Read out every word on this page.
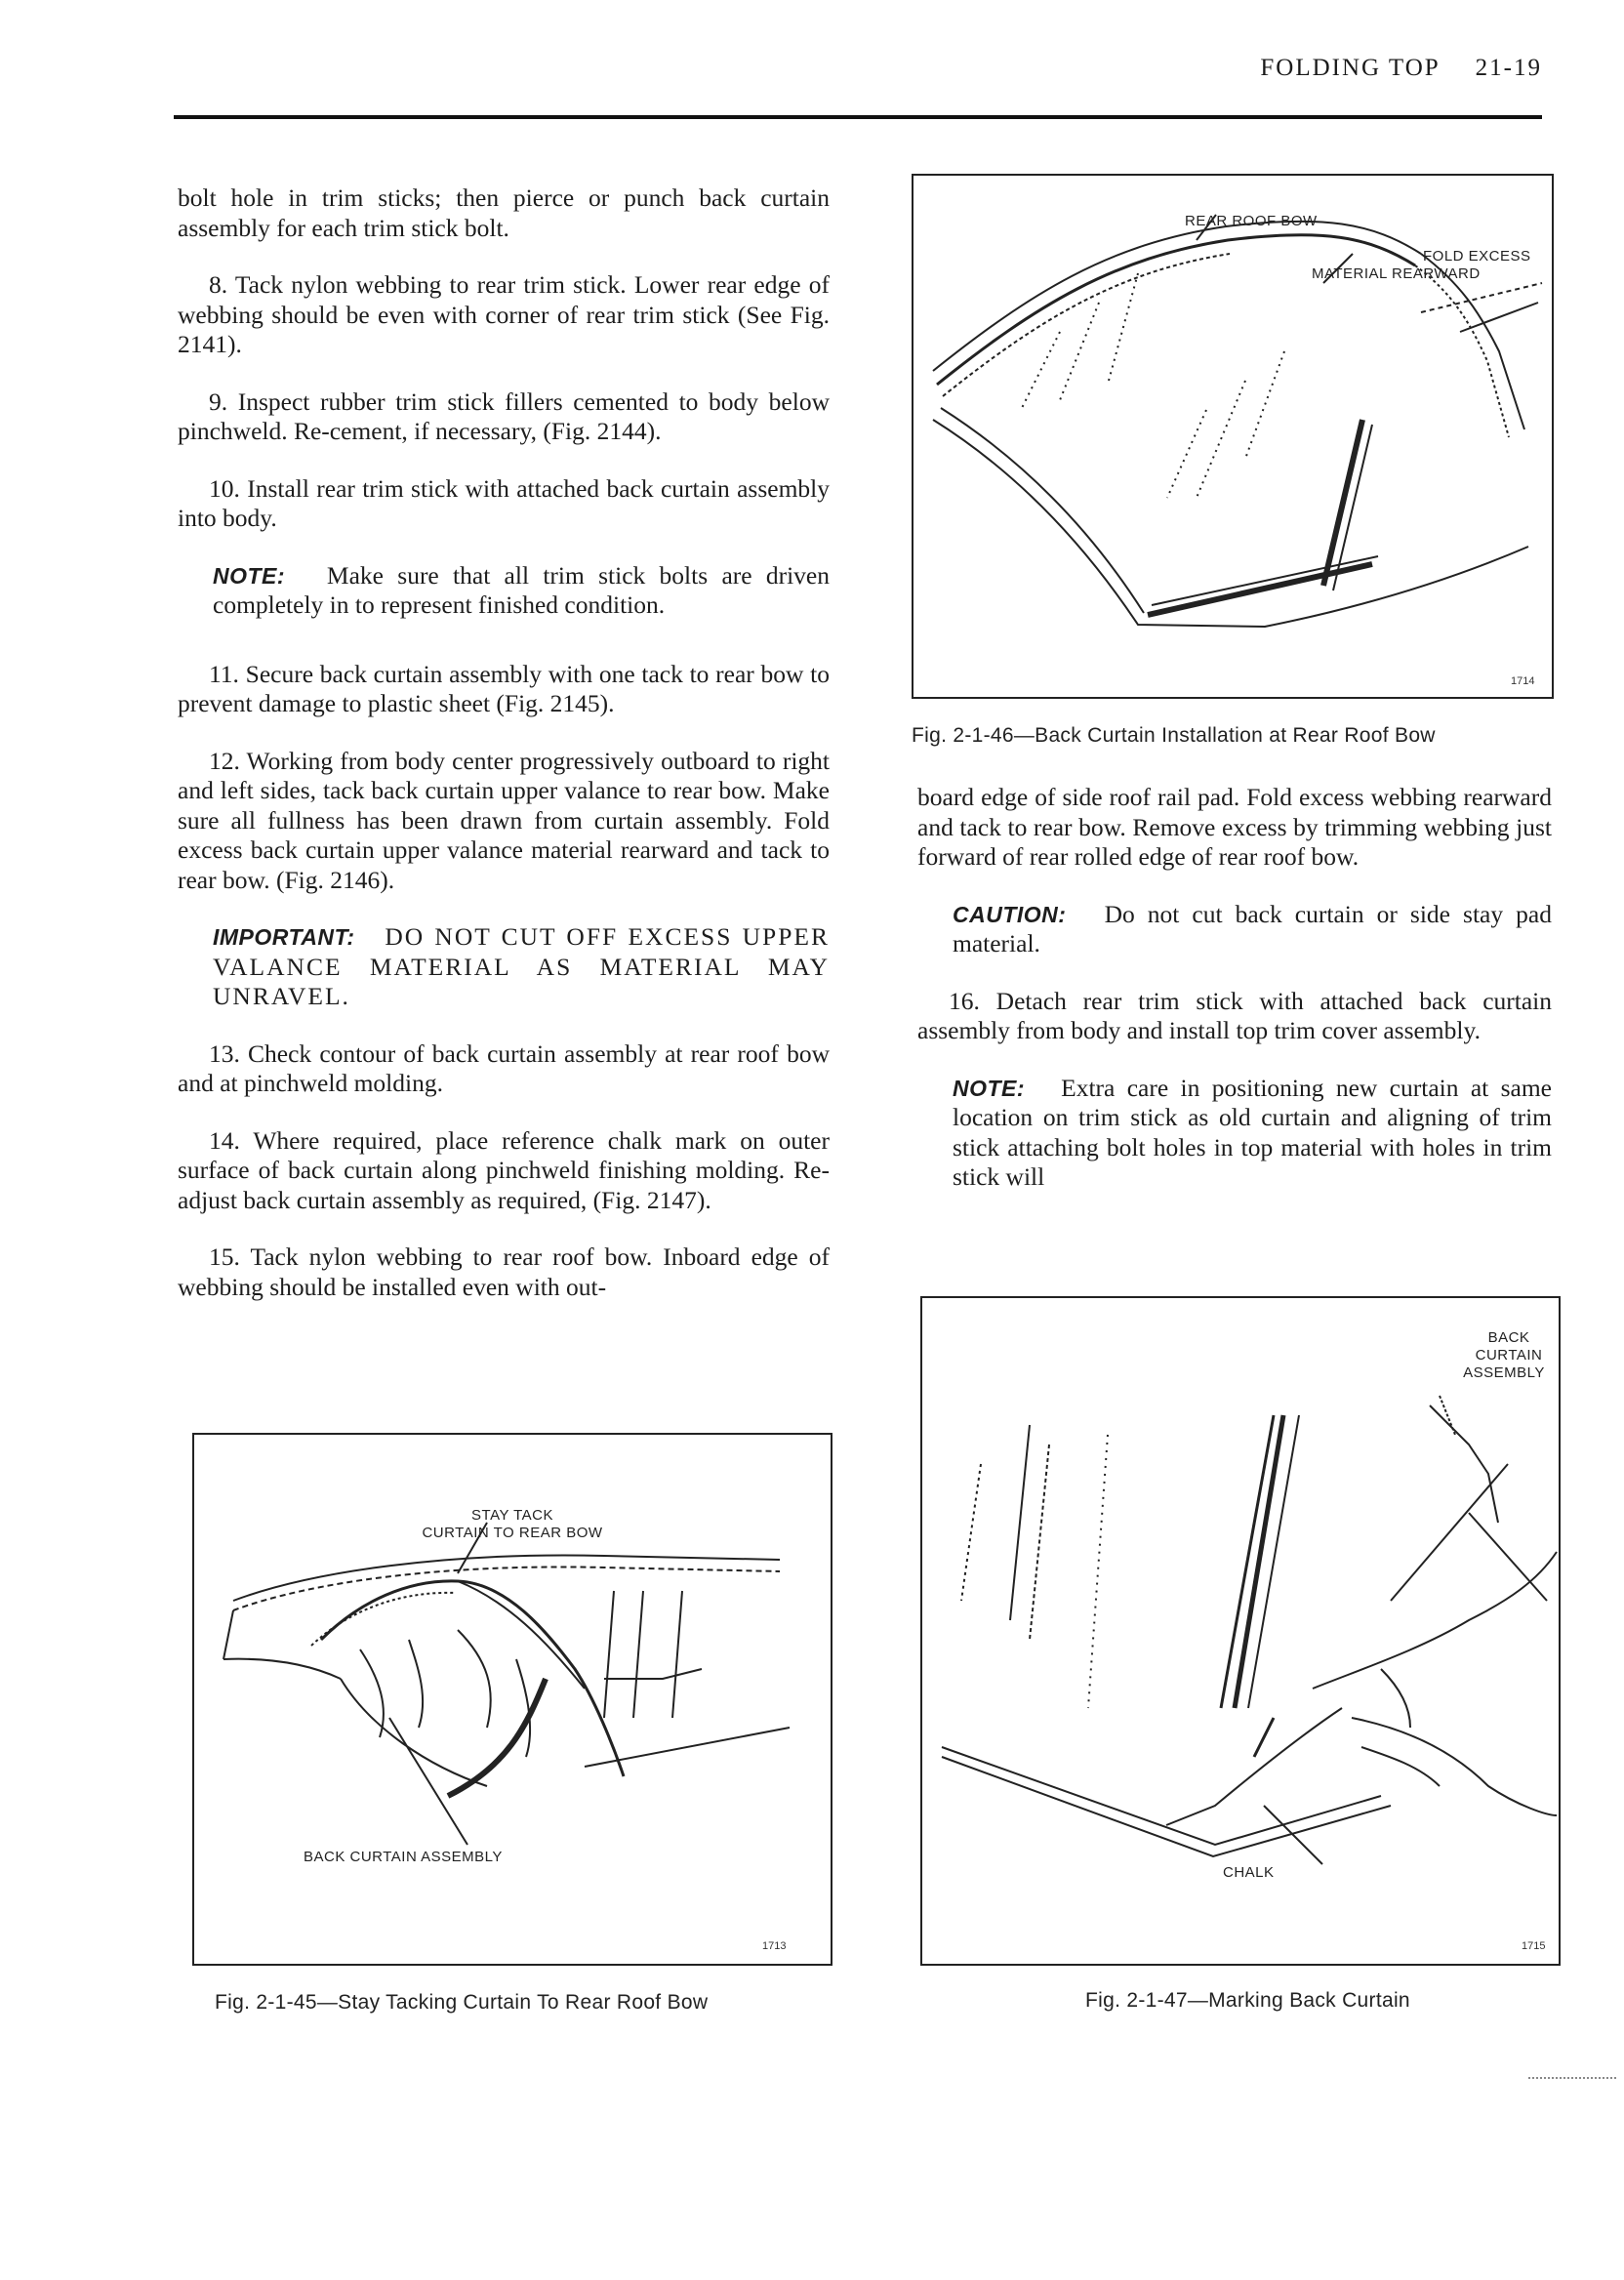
FOLDING TOP 21-19

bolt hole in trim sticks; then pierce or punch back curtain assembly for each trim stick bolt.

8. Tack nylon webbing to rear trim stick. Lower rear edge of webbing should be even with corner of rear trim stick (See Fig. 2141).

9. Inspect rubber trim stick fillers cemented to body below pinchweld. Re-cement, if necessary, (Fig. 2144).

10. Install rear trim stick with attached back curtain assembly into body.

NOTE: Make sure that all trim stick bolts are driven completely in to represent finished condition.

11. Secure back curtain assembly with one tack to rear bow to prevent damage to plastic sheet (Fig. 2145).

12. Working from body center progressively outboard to right and left sides, tack back curtain upper valance to rear bow. Make sure all fullness has been drawn from curtain assembly. Fold excess back curtain upper valance material rearward and tack to rear bow. (Fig. 2146).

IMPORTANT: DO NOT CUT OFF EXCESS UPPER VALANCE MATERIAL AS MATERIAL MAY UNRAVEL.

13. Check contour of back curtain assembly at rear roof bow and at pinchweld molding.

14. Where required, place reference chalk mark on outer surface of back curtain along pinchweld finishing molding. Re-adjust back curtain assembly as required, (Fig. 2147).

15. Tack nylon webbing to rear roof bow. Inboard edge of webbing should be installed even with out-

board edge of side roof rail pad. Fold excess webbing rearward and tack to rear bow. Remove excess by trimming webbing just forward of rear rolled edge of rear roof bow.

CAUTION: Do not cut back curtain or side stay pad material.

16. Detach rear trim stick with attached back curtain assembly from body and install top trim cover assembly.

NOTE: Extra care in positioning new curtain at same location on trim stick as old curtain and aligning of trim stick attaching bolt holes in top material with holes in trim stick will

REAR ROOF BOW
FOLD EXCESS
MATERIAL REARWARD
1714
Fig. 2-1-46—Back Curtain Installation at Rear Roof Bow
STAY TACK
CURTAIN TO REAR BOW
BACK CURTAIN ASSEMBLY
1713
Fig. 2-1-45—Stay Tacking Curtain To Rear Roof Bow
BACK
CURTAIN
ASSEMBLY
CHALK
1715
Fig. 2-1-47—Marking Back Curtain
